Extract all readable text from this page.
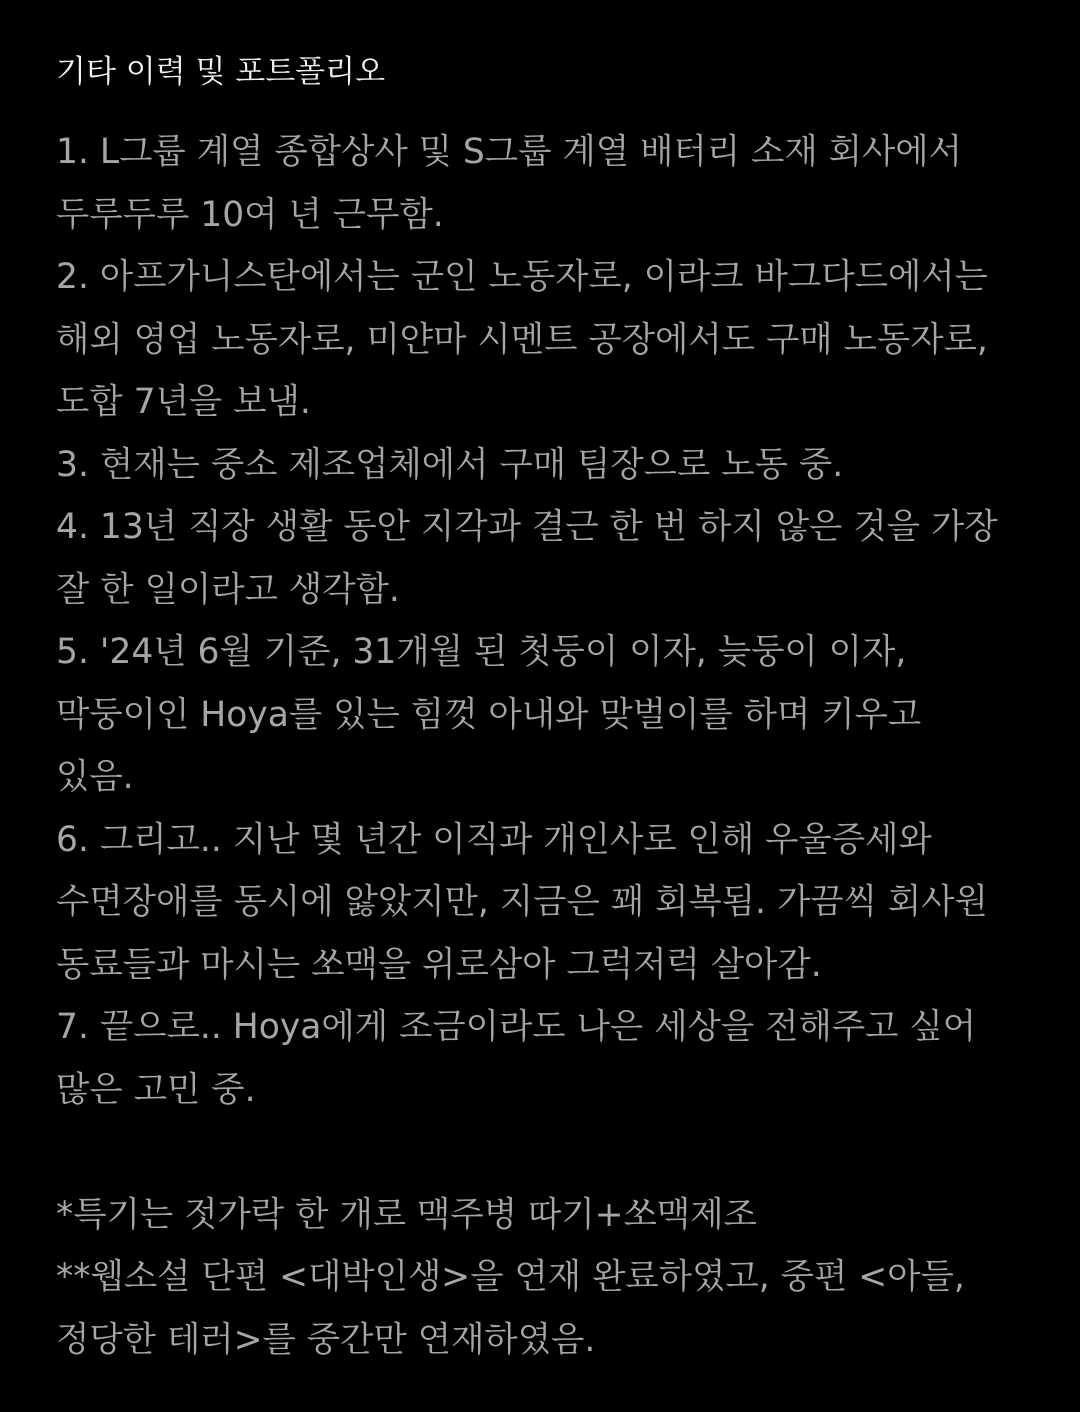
기타 이력 및 포트폴리오
1. L그룹 계열 종합상사 및 S그룹 계열 배터리 소재 회사에서
두루두루 10여 년 근무함.
2. 아프가니스탄에서는 군인 노동자로, 이라크 바그다드에서는
해외 영업 노동자로, 미얀마 시멘트 공장에서도 구매 노동자로,
도합 7년을 보냄.
3. 현재는 중소 제조업체에서 구매 팀장으로 노동 중.
4. 13년 직장 생활 동안 지각과 결근 한 번 하지 않은 것을 가장
잘 한 일이라고 생각함.
5. '24년 6월 기준, 31개월 된 첫둥이 이자, 늦둥이 이자,
막둥이인 Hoya를 있는 힘껏 아내와 맞벌이를 하며 키우고
있음.
6. 그리고.. 지난 몇 년간 이직과 개인사로 인해 우울증세와
수면장애를 동시에 앓았지만, 지금은 꽤 회복됨. 가끔씩 회사원
동료들과 마시는 쏘맥을 위로삼아 그럭저럭 살아감.
7. 끝으로.. Hoya에게 조금이라도 나은 세상을 전해주고 싶어
많은 고민 중.
*특기는 젓가락 한 개로 맥주병 따기+쏘맥제조
**웹소설 단편 <대박인생>을 연재 완료하였고, 중편 <아들,
정당한 테러>를 중간만 연재하였음.
